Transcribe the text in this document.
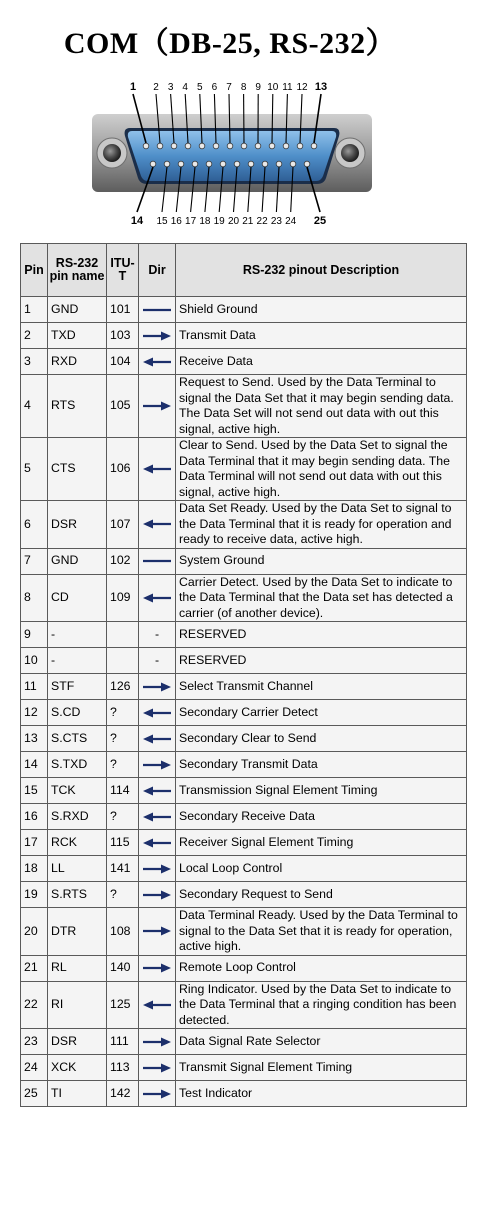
COM（DB-25, RS-232）
1 2 3 4 5 6 7 8 9 10 11 12 13
14 15 16 17 18 19 20 21 22 23 24 25
Pin	RS-232 pin name	ITU-T	Dir	RS-232 pinout Description
1	GND	101		Shield Ground
2	TXD	103		Transmit Data
3	RXD	104		Receive Data
4	RTS	105		Request to Send. Used by the Data Terminal to signal the Data Set that it may begin sending data. The Data Set will not send out data with out this signal, active high.
5	CTS	106		Clear to Send. Used by the Data Set to signal the Data Terminal that it may begin sending data. The Data Terminal will not send out data with out this signal, active high.
6	DSR	107		Data Set Ready. Used by the Data Set to signal to the Data Terminal that it is ready for operation and ready to receive data, active high.
7	GND	102		System Ground
8	CD	109		Carrier Detect. Used by the Data Set to indicate to the Data Terminal that the Data set has detected a carrier (of another device).
9	-		-	RESERVED
10	-		-	RESERVED
11	STF	126		Select Transmit Channel
12	S.CD	?		Secondary Carrier Detect
13	S.CTS	?		Secondary Clear to Send
14	S.TXD	?		Secondary Transmit Data
15	TCK	114		Transmission Signal Element Timing
16	S.RXD	?		Secondary Receive Data
17	RCK	115		Receiver Signal Element Timing
18	LL	141		Local Loop Control
19	S.RTS	?		Secondary Request to Send
20	DTR	108		Data Terminal Ready. Used by the Data Terminal to signal to the Data Set that it is ready for operation, active high.
21	RL	140		Remote Loop Control
22	RI	125		Ring Indicator. Used by the Data Set to indicate to the Data Terminal that a ringing condition has been detected.
23	DSR	111		Data Signal Rate Selector
24	XCK	113		Transmit Signal Element Timing
25	TI	142		Test Indicator
